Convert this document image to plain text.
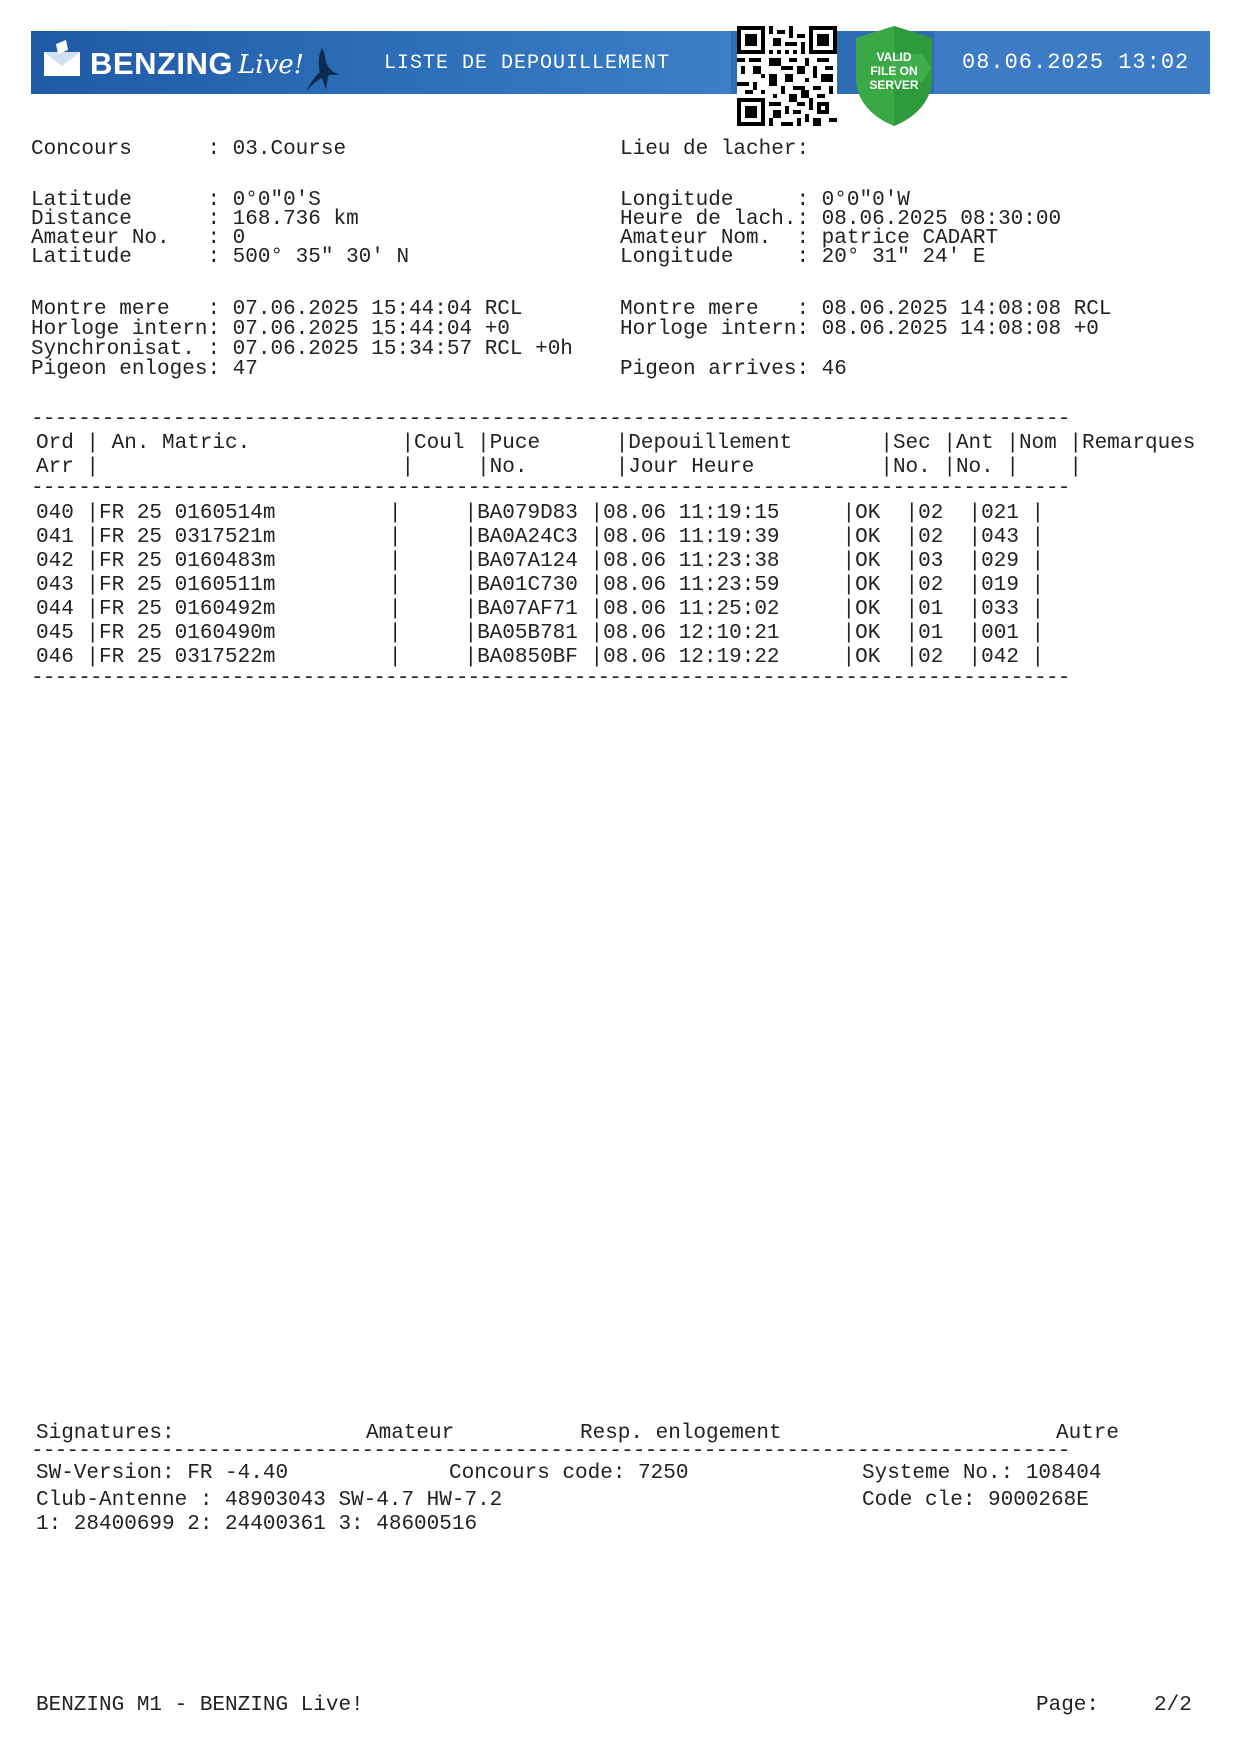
BENZING Live!	LISTE DE DEPOUILLEMENT	VALID
FILE ON
SERVER
08.06.2025 13:02
Concours      : 03.Course
Latitude      : 0°0"0'S
Distance      : 168.736 km
Amateur No.   : 0
Latitude      : 500° 35" 30' N
Montre mere   : 07.06.2025 15:44:04 RCL
Horloge intern: 07.06.2025 15:44:04 +0
Synchronisat. : 07.06.2025 15:34:57 RCL +0h
Pigeon enloges: 47
Lieu de lacher:
Longitude     : 0°0"0'W
Heure de lach.: 08.06.2025 08:30:00
Amateur Nom.  : patrice CADART
Longitude     : 20° 31" 24' E
Montre mere   : 08.06.2025 14:08:08 RCL
Horloge intern: 08.06.2025 14:08:08 +0
Pigeon arrives: 46
----------------------------------------------------------------------------------------
Ord | An. Matric.            |Coul |Puce      |Depouillement       |Sec |Ant |Nom |Remarques
Arr |                        |     |No.       |Jour Heure          |No. |No. |    |
----------------------------------------------------------------------------------------
040 |FR 25 0160514m         |     |BA079D83 |08.06 11:19:15     |OK  |02  |021 |
041 |FR 25 0317521m         |     |BA0A24C3 |08.06 11:19:39     |OK  |02  |043 |
042 |FR 25 0160483m         |     |BA07A124 |08.06 11:23:38     |OK  |03  |029 |
043 |FR 25 0160511m         |     |BA01C730 |08.06 11:23:59     |OK  |02  |019 |
044 |FR 25 0160492m         |     |BA07AF71 |08.06 11:25:02     |OK  |01  |033 |
045 |FR 25 0160490m         |     |BA05B781 |08.06 12:10:21     |OK  |01  |001 |
046 |FR 25 0317522m         |     |BA0850BF |08.06 12:19:22     |OK  |02  |042 |
----------------------------------------------------------------------------------------
Signatures:	Amateur	Resp. enlogement	Autre
----------------------------------------------------------------------------------------
SW-Version: FR -4.40	Concours code: 7250	Systeme No.: 108404
Club-Antenne : 48903043 SW-4.7 HW-7.2	Code cle: 9000268E
1: 28400699 2: 24400361 3: 48600516
BENZING M1 - BENZING Live!	Page:	2/2
